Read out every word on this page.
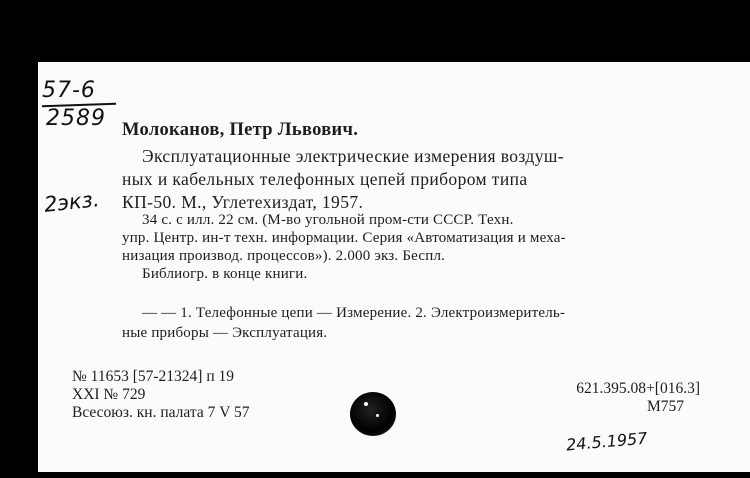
57-6
2589
2экз.
Молоканов, Петр Львович.
Эксплуатационные электрические измерения воздуш-
ных и кабельных телефонных цепей прибором типа
КП-50. М., Углетехиздат, 1957.
34 с. с илл. 22 см. (М-во угольной пром-сти СССР. Техн.
упр. Центр. ин-т техн. информации. Серия «Автоматизация и меха-
низация производ. процессов»). 2.000 экз. Беспл.
Библиогр. в конце книги.
— — 1. Телефонные цепи — Измерение. 2. Электроизмеритель-
ные приборы — Эксплуатация.
№ 11653 [57-21324] п 19
XXI № 729
Всесоюз. кн. палата 7 V 57
621.395.08+[016.3]
М757
24.5.1957
